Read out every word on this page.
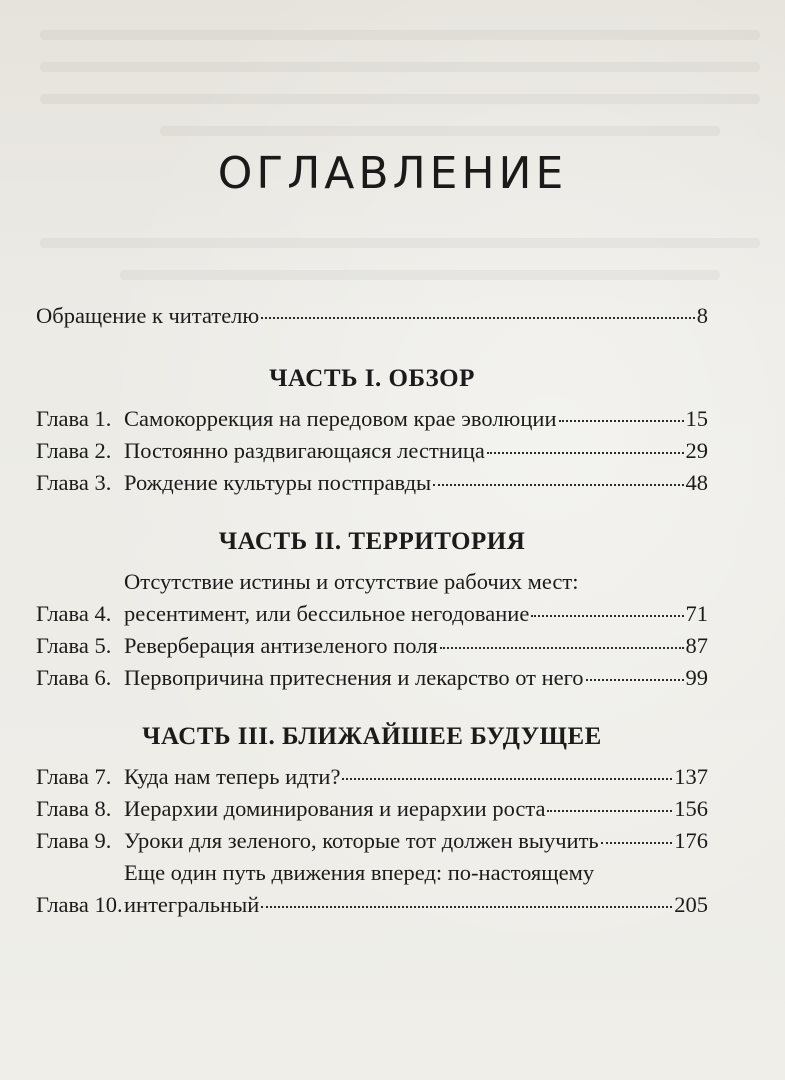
ОГЛАВЛЕНИЕ
Обращение к читателю	8
ЧАСТЬ I. ОБЗОР
Глава 1. Самокоррекция на передовом крае эволюции	15
Глава 2. Постоянно раздвигающаяся лестница	29
Глава 3. Рождение культуры постправды	48
ЧАСТЬ II. ТЕРРИТОРИЯ
Глава 4.
Отсутствие истины и отсутствие рабочих мест:
ресентимент, или бессильное негодование	71
Глава 5. Реверберация антизеленого поля	87
Глава 6. Первопричина притеснения и лекарство от него	99
ЧАСТЬ III. БЛИЖАЙШЕЕ БУДУЩЕЕ
Глава 7. Куда нам теперь идти?	137
Глава 8. Иерархии доминирования и иерархии роста	156
Глава 9. Уроки для зеленого, которые тот должен выучить	176
Глава 10.
Еще один путь движения вперед: по-настоящему
интегральный	205
